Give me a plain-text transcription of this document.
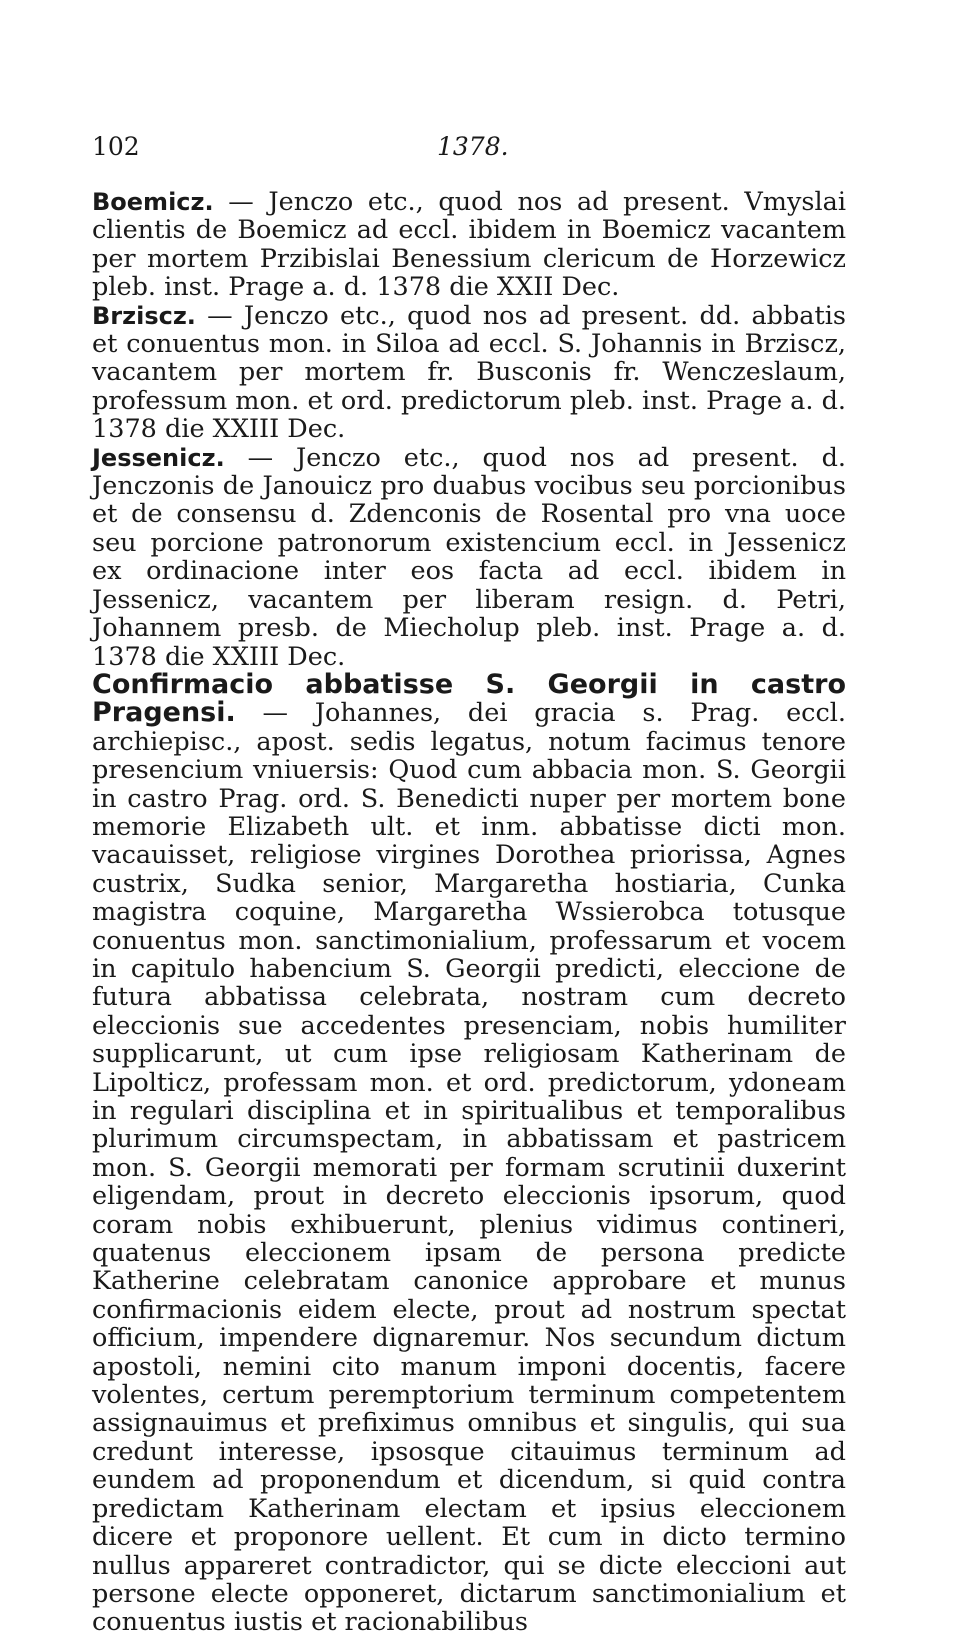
102	1378.

Boemicz. — Jenczo etc., quod nos ad present. Vmyslai clientis de Boemicz ad eccl. ibidem in Boemicz vacantem per mortem Przibislai Benessium clericum de Horzewicz pleb. inst. Prage a. d. 1378 die XXII Dec.

Brziscz. — Jenczo etc., quod nos ad present. dd. abbatis et conuentus mon. in Siloa ad eccl. S. Johannis in Brziscz, vacantem per mortem fr. Busconis fr. Wenczeslaum, professum mon. et ord. predictorum pleb. inst. Prage a. d. 1378 die XXIII Dec.

Jessenicz. — Jenczo etc., quod nos ad present. d. Jenczonis de Janouicz pro duabus vocibus seu porcionibus et de consensu d. Zdenconis de Rosental pro vna uoce seu porcione patronorum existencium eccl. in Jessenicz ex ordinacione inter eos facta ad eccl. ibidem in Jessenicz, vacantem per liberam resign. d. Petri, Johannem presb. de Miecholup pleb. inst. Prage a. d. 1378 die XXIII Dec.

Confirmacio abbatisse S. Georgii in castro Pragensi. — Johannes, dei gracia s. Prag. eccl. archiepisc., apost. sedis legatus, notum facimus tenore presencium vniuersis: Quod cum abbacia mon. S. Georgii in castro Prag. ord. S. Benedicti nuper per mortem bone memorie Elizabeth ult. et inm. abbatisse dicti mon. vacauisset, religiose virgines Dorothea priorissa, Agnes custrix, Sudka senior, Margaretha hostiaria, Cunka magistra coquine, Margaretha Wssierobca totusque conuentus mon. sanctimonialium, professarum et vocem in capitulo habencium S. Georgii predicti, eleccione de futura abbatissa celebrata, nostram cum decreto eleccionis sue accedentes presenciam, nobis humiliter supplicarunt, ut cum ipse religiosam Katherinam de Lipolticz, professam mon. et ord. predictorum, ydoneam in regulari disciplina et in spiritualibus et temporalibus plurimum circumspectam, in abbatissam et pastricem mon. S. Georgii memorati per formam scrutinii duxerint eligendam, prout in decreto eleccionis ipsorum, quod coram nobis exhibuerunt, plenius vidimus contineri, quatenus eleccionem ipsam de persona predicte Katherine celebratam canonice approbare et munus confirmacionis eidem electe, prout ad nostrum spectat officium, impendere dignaremur. Nos secundum dictum apostoli, nemini cito manum imponi docentis, facere volentes, certum peremptorium terminum competentem assignauimus et prefiximus omnibus et singulis, qui sua credunt interesse, ipsosque citauimus terminum ad eundem ad proponendum et dicendum, si quid contra predictam Katherinam electam et ipsius eleccionem dicere et proponore uellent. Et cum in dicto termino nullus appareret contradictor, qui se dicte eleccioni aut persone electe opponeret, dictarum sanctimonialium et conuentus iustis et racionabilibus
